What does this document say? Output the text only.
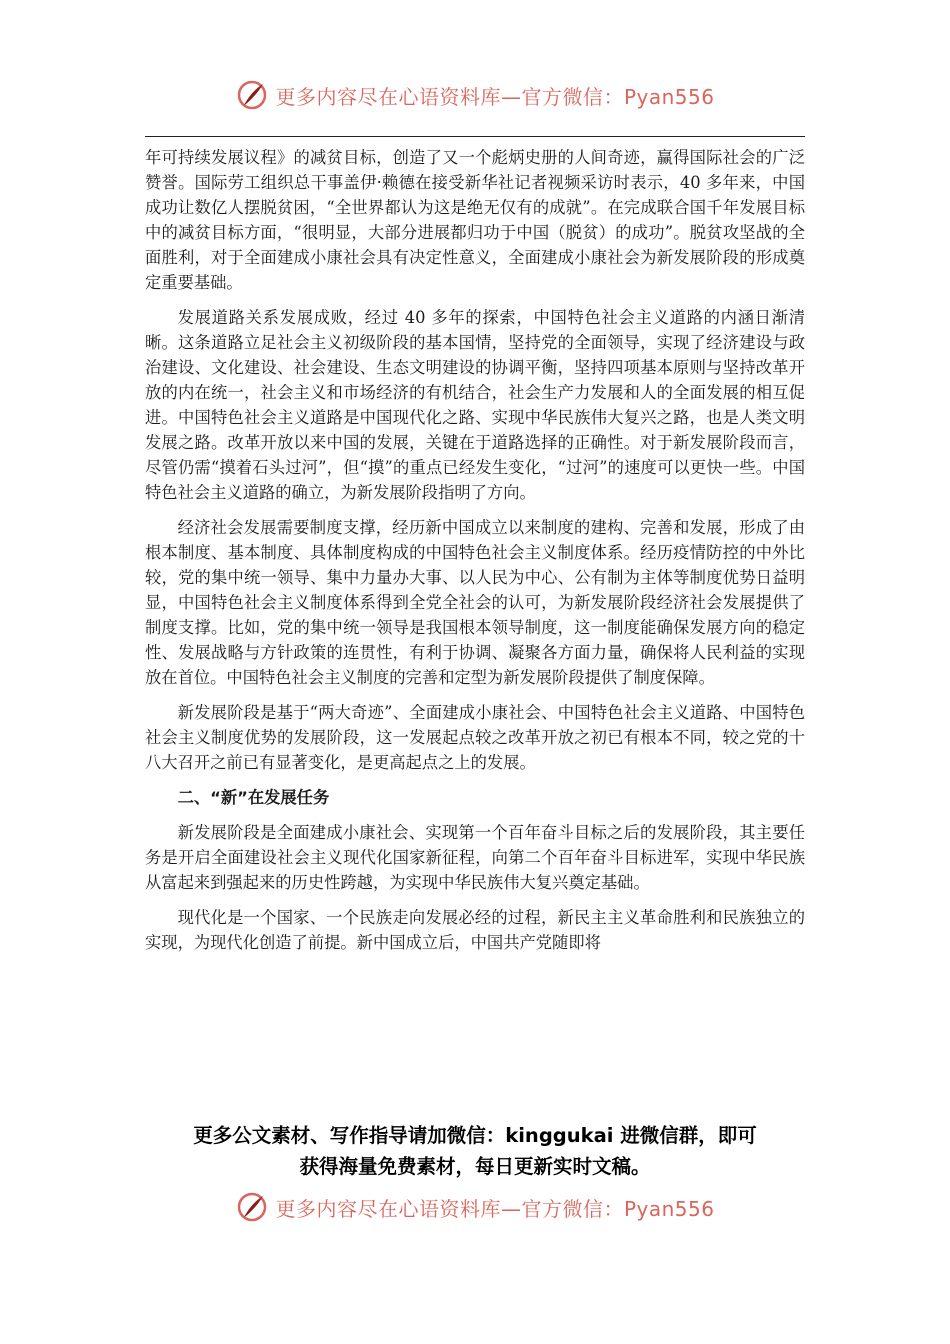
更多内容尽在心语资料库—官方微信：Pyan556

年可持续发展议程》的减贫目标，创造了又一个彪炳史册的人间奇迹，赢得国际社会的广泛赞誉。国际劳工组织总干事盖伊·赖德在接受新华社记者视频采访时表示，40 多年来，中国成功让数亿人摆脱贫困，“全世界都认为这是绝无仅有的成就”。在完成联合国千年发展目标中的减贫目标方面，“很明显，大部分进展都归功于中国（脱贫）的成功”。脱贫攻坚战的全面胜利，对于全面建成小康社会具有决定性意义，全面建成小康社会为新发展阶段的形成奠定重要基础。

发展道路关系发展成败，经过 40 多年的探索，中国特色社会主义道路的内涵日渐清晰。这条道路立足社会主义初级阶段的基本国情，坚持党的全面领导，实现了经济建设与政治建设、文化建设、社会建设、生态文明建设的协调平衡，坚持四项基本原则与坚持改革开放的内在统一，社会主义和市场经济的有机结合，社会生产力发展和人的全面发展的相互促进。中国特色社会主义道路是中国现代化之路、实现中华民族伟大复兴之路，也是人类文明发展之路。改革开放以来中国的发展，关键在于道路选择的正确性。对于新发展阶段而言，尽管仍需“摸着石头过河”，但“摸”的重点已经发生变化，“过河”的速度可以更快一些。中国特色社会主义道路的确立，为新发展阶段指明了方向。

经济社会发展需要制度支撑，经历新中国成立以来制度的建构、完善和发展，形成了由根本制度、基本制度、具体制度构成的中国特色社会主义制度体系。经历疫情防控的中外比较，党的集中统一领导、集中力量办大事、以人民为中心、公有制为主体等制度优势日益明显，中国特色社会主义制度体系得到全党全社会的认可，为新发展阶段经济社会发展提供了制度支撑。比如，党的集中统一领导是我国根本领导制度，这一制度能确保发展方向的稳定性、发展战略与方针政策的连贯性，有利于协调、凝聚各方面力量，确保将人民利益的实现放在首位。中国特色社会主义制度的完善和定型为新发展阶段提供了制度保障。

新发展阶段是基于“两大奇迹”、全面建成小康社会、中国特色社会主义道路、中国特色社会主义制度优势的发展阶段，这一发展起点较之改革开放之初已有根本不同，较之党的十八大召开之前已有显著变化，是更高起点之上的发展。

二、“新”在发展任务

新发展阶段是全面建成小康社会、实现第一个百年奋斗目标之后的发展阶段，其主要任务是开启全面建设社会主义现代化国家新征程，向第二个百年奋斗目标进军，实现中华民族从富起来到强起来的历史性跨越，为实现中华民族伟大复兴奠定基础。

现代化是一个国家、一个民族走向发展必经的过程，新民主主义革命胜利和民族独立的实现，为现代化创造了前提。新中国成立后，中国共产党随即将

更多公文素材、写作指导请加微信：kinggukai 进微信群，即可
获得海量免费素材，每日更新实时文稿。
更多内容尽在心语资料库—官方微信：Pyan556
